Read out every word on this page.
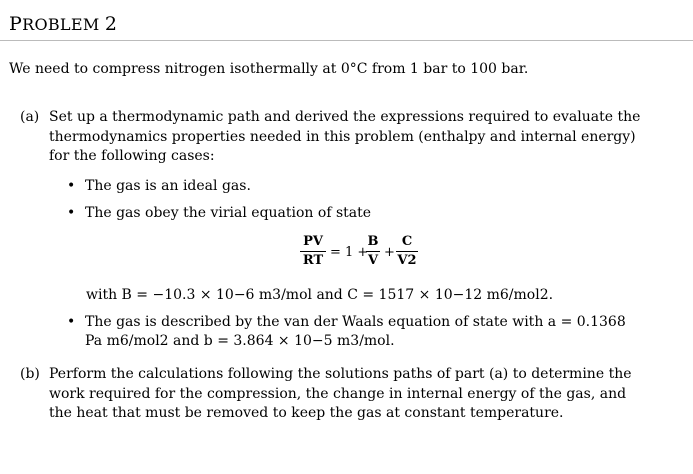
PROBLEM 2
We need to compress nitrogen isothermally at 0°C from 1 bar to 100 bar.
(a) Set up a thermodynamic path and derived the expressions required to evaluate the thermodynamics properties needed in this problem (enthalpy and internal energy) for the following cases:
• The gas is an ideal gas.
• The gas obey the virial equation of state
PV
RT
= 1 +
B
V
+
C
V2
with B = −10.3 × 10−6 m3/mol and C = 1517 × 10−12 m6/mol2.
• The gas is described by the van der Waals equation of state with a = 0.1368 Pa m6/mol2 and b = 3.864 × 10−5 m3/mol.
(b) Perform the calculations following the solutions paths of part (a) to determine the work required for the compression, the change in internal energy of the gas, and the heat that must be removed to keep the gas at constant temperature.
